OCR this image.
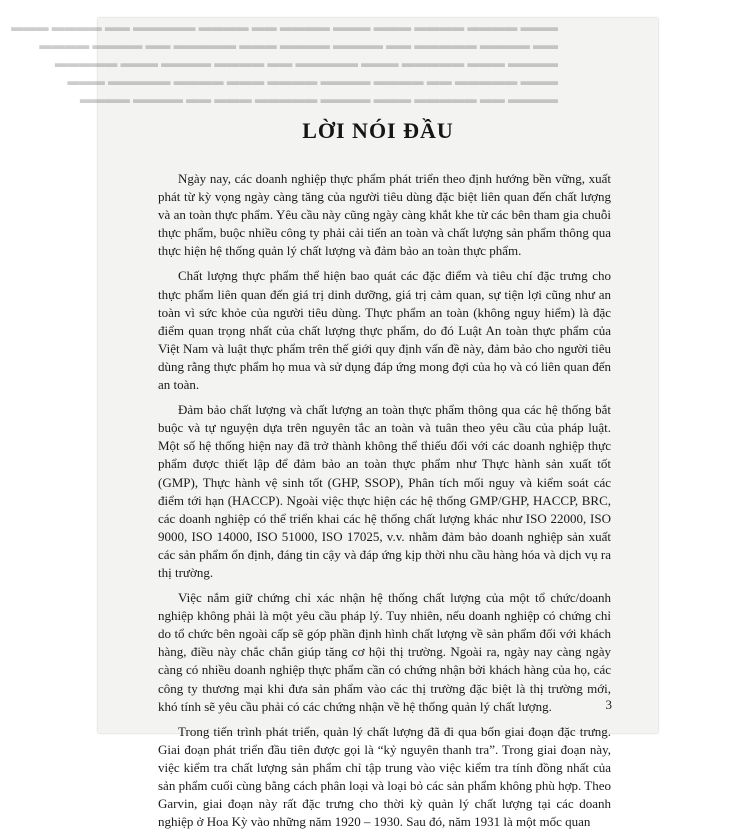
▬▬▬ ▬▬▬▬ ▬▬▬▬ ▬▬▬ ▬▬▬ ▬▬▬▬ ▬▬ ▬▬▬▬ ▬▬▬▬▬ ▬▬ ▬▬▬▬ ▬▬▬
▬▬ ▬▬▬▬ ▬▬▬▬▬ ▬▬ ▬▬▬▬ ▬▬▬▬ ▬▬▬ ▬▬▬▬▬ ▬▬ ▬▬▬▬ ▬▬▬▬
▬▬▬▬ ▬▬▬ ▬▬▬▬▬ ▬▬▬ ▬▬▬▬▬ ▬▬ ▬▬▬▬ ▬▬▬▬ ▬▬▬ ▬▬▬▬▬
▬▬▬ ▬▬▬▬▬ ▬▬ ▬▬▬▬ ▬▬▬▬ ▬▬▬▬ ▬▬▬ ▬▬▬▬ ▬▬▬▬▬ ▬▬▬
▬▬▬▬ ▬▬ ▬▬▬▬▬ ▬▬▬ ▬▬▬▬ ▬▬▬▬▬ ▬▬▬ ▬▬ ▬▬▬▬ ▬▬▬▬
LỜI NÓI ĐẦU

Ngày nay, các doanh nghiệp thực phẩm phát triển theo định hướng bền vững, xuất phát từ kỳ vọng ngày càng tăng của người tiêu dùng đặc biệt liên quan đến chất lượng và an toàn thực phẩm. Yêu cầu này cũng ngày càng khắt khe từ các bên tham gia chuỗi thực phẩm, buộc nhiều công ty phải cải tiến an toàn và chất lượng sản phẩm thông qua thực hiện hệ thống quản lý chất lượng và đảm bảo an toàn thực phẩm.

Chất lượng thực phẩm thể hiện bao quát các đặc điểm và tiêu chí đặc trưng cho thực phẩm liên quan đến giá trị dinh dưỡng, giá trị cảm quan, sự tiện lợi cũng như an toàn vì sức khỏe của người tiêu dùng. Thực phẩm an toàn (không nguy hiểm) là đặc điểm quan trọng nhất của chất lượng thực phẩm, do đó Luật An toàn thực phẩm của Việt Nam và luật thực phẩm trên thế giới quy định vấn đề này, đảm bảo cho người tiêu dùng rằng thực phẩm họ mua và sử dụng đáp ứng mong đợi của họ và có liên quan đến an toàn.

Đảm bảo chất lượng và chất lượng an toàn thực phẩm thông qua các hệ thống bắt buộc và tự nguyện dựa trên nguyên tắc an toàn và tuân theo yêu cầu của pháp luật. Một số hệ thống hiện nay đã trở thành không thể thiếu đối với các doanh nghiệp thực phẩm được thiết lập để đảm bảo an toàn thực phẩm như Thực hành sản xuất tốt (GMP), Thực hành vệ sinh tốt (GHP, SSOP), Phân tích mối nguy và kiểm soát các điểm tới hạn (HACCP). Ngoài việc thực hiện các hệ thống GMP/GHP, HACCP, BRC, các doanh nghiệp có thể triển khai các hệ thống chất lượng khác như ISO 22000, ISO 9000, ISO 14000, ISO 51000, ISO 17025, v.v. nhằm đảm bảo doanh nghiệp sản xuất các sản phẩm ổn định, đáng tin cậy và đáp ứng kịp thời nhu cầu hàng hóa và dịch vụ ra thị trường.

Việc nắm giữ chứng chỉ xác nhận hệ thống chất lượng của một tổ chức/doanh nghiệp không phải là một yêu cầu pháp lý. Tuy nhiên, nếu doanh nghiệp có chứng chỉ do tổ chức bên ngoài cấp sẽ góp phần định hình chất lượng về sản phẩm đối với khách hàng, điều này chắc chắn giúp tăng cơ hội thị trường. Ngoài ra, ngày nay càng ngày càng có nhiều doanh nghiệp thực phẩm cần có chứng nhận bởi khách hàng của họ, các công ty thương mại khi đưa sản phẩm vào các thị trường đặc biệt là thị trường mới, khó tính sẽ yêu cầu phải có các chứng nhận về hệ thống quản lý chất lượng.

Trong tiến trình phát triển, quản lý chất lượng đã đi qua bốn giai đoạn đặc trưng. Giai đoạn phát triển đầu tiên được gọi là “kỷ nguyên thanh tra”. Trong giai đoạn này, việc kiểm tra chất lượng sản phẩm chỉ tập trung vào việc kiểm tra tính đồng nhất của sản phẩm cuối cùng bằng cách phân loại và loại bỏ các sản phẩm không phù hợp. Theo Garvin, giai đoạn này rất đặc trưng cho thời kỳ quản lý chất lượng tại các doanh nghiệp ở Hoa Kỳ vào những năm 1920 – 1930. Sau đó, năm 1931 là một mốc quan

3
